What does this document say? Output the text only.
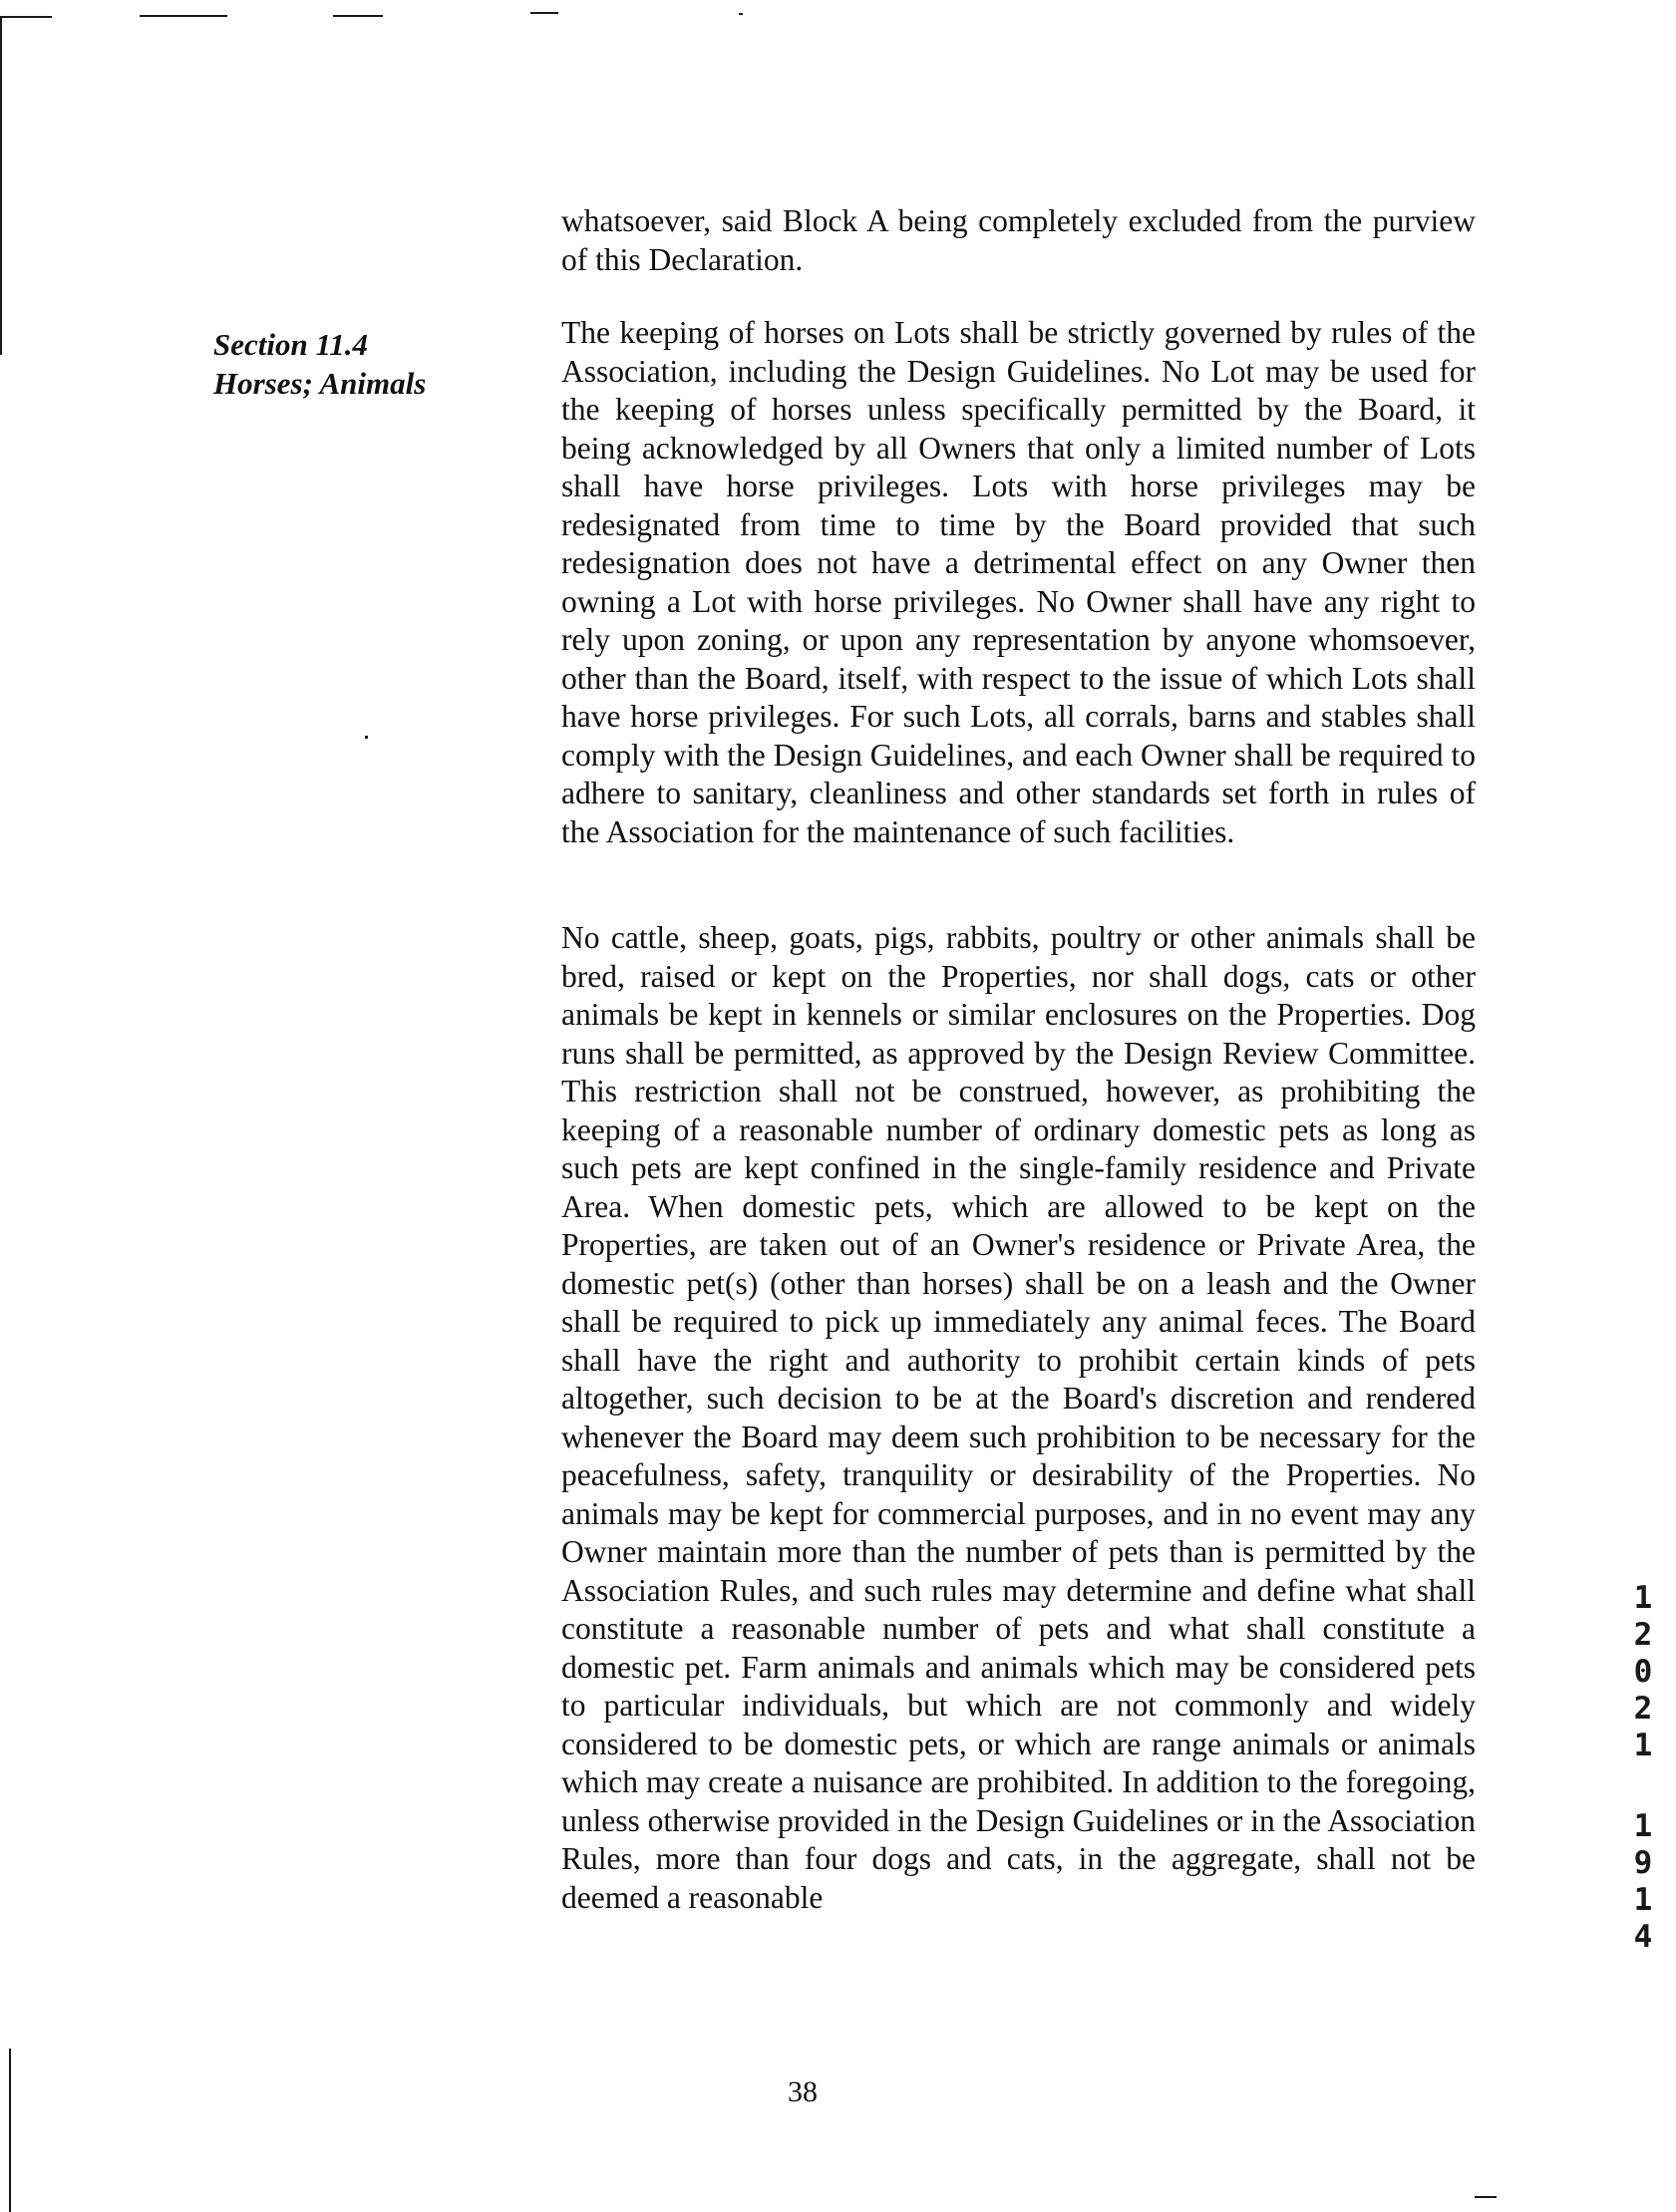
Section 11.4
Horses; Animals

whatsoever, said Block A being completely excluded from the purview of this Declaration.

The keeping of horses on Lots shall be strictly governed by rules of the Association, including the Design Guidelines. No Lot may be used for the keeping of horses unless specifically permitted by the Board, it being acknowledged by all Owners that only a limited number of Lots shall have horse privileges. Lots with horse privileges may be redesignated from time to time by the Board provided that such redesignation does not have a detrimental effect on any Owner then owning a Lot with horse privileges. No Owner shall have any right to rely upon zoning, or upon any representation by anyone whomsoever, other than the Board, itself, with respect to the issue of which Lots shall have horse privileges. For such Lots, all corrals, barns and stables shall comply with the Design Guidelines, and each Owner shall be required to adhere to sanitary, cleanliness and other standards set forth in rules of the Association for the maintenance of such facilities.

No cattle, sheep, goats, pigs, rabbits, poultry or other animals shall be bred, raised or kept on the Properties, nor shall dogs, cats or other animals be kept in kennels or similar enclosures on the Properties. Dog runs shall be permitted, as approved by the Design Review Committee. This restriction shall not be construed, however, as prohibiting the keeping of a reasonable number of ordinary domestic pets as long as such pets are kept confined in the single-family residence and Private Area. When domestic pets, which are allowed to be kept on the Properties, are taken out of an Owner's residence or Private Area, the domestic pet(s) (other than horses) shall be on a leash and the Owner shall be required to pick up immediately any animal feces. The Board shall have the right and authority to prohibit certain kinds of pets altogether, such decision to be at the Board's discretion and rendered whenever the Board may deem such prohibition to be necessary for the peacefulness, safety, tranquility or desirability of the Properties. No animals may be kept for commercial purposes, and in no event may any Owner maintain more than the number of pets than is permitted by the Association Rules, and such rules may determine and define what shall constitute a reasonable number of pets and what shall constitute a domestic pet. Farm animals and animals which may be considered pets to particular individuals, but which are not commonly and widely considered to be domestic pets, or which are range animals or animals which may create a nuisance are prohibited. In addition to the foregoing, unless otherwise provided in the Design Guidelines or in the Association Rules, more than four dogs and cats, in the aggregate, shall not be deemed a reasonable

38
1
2
0
2
1
1
9
1
4
